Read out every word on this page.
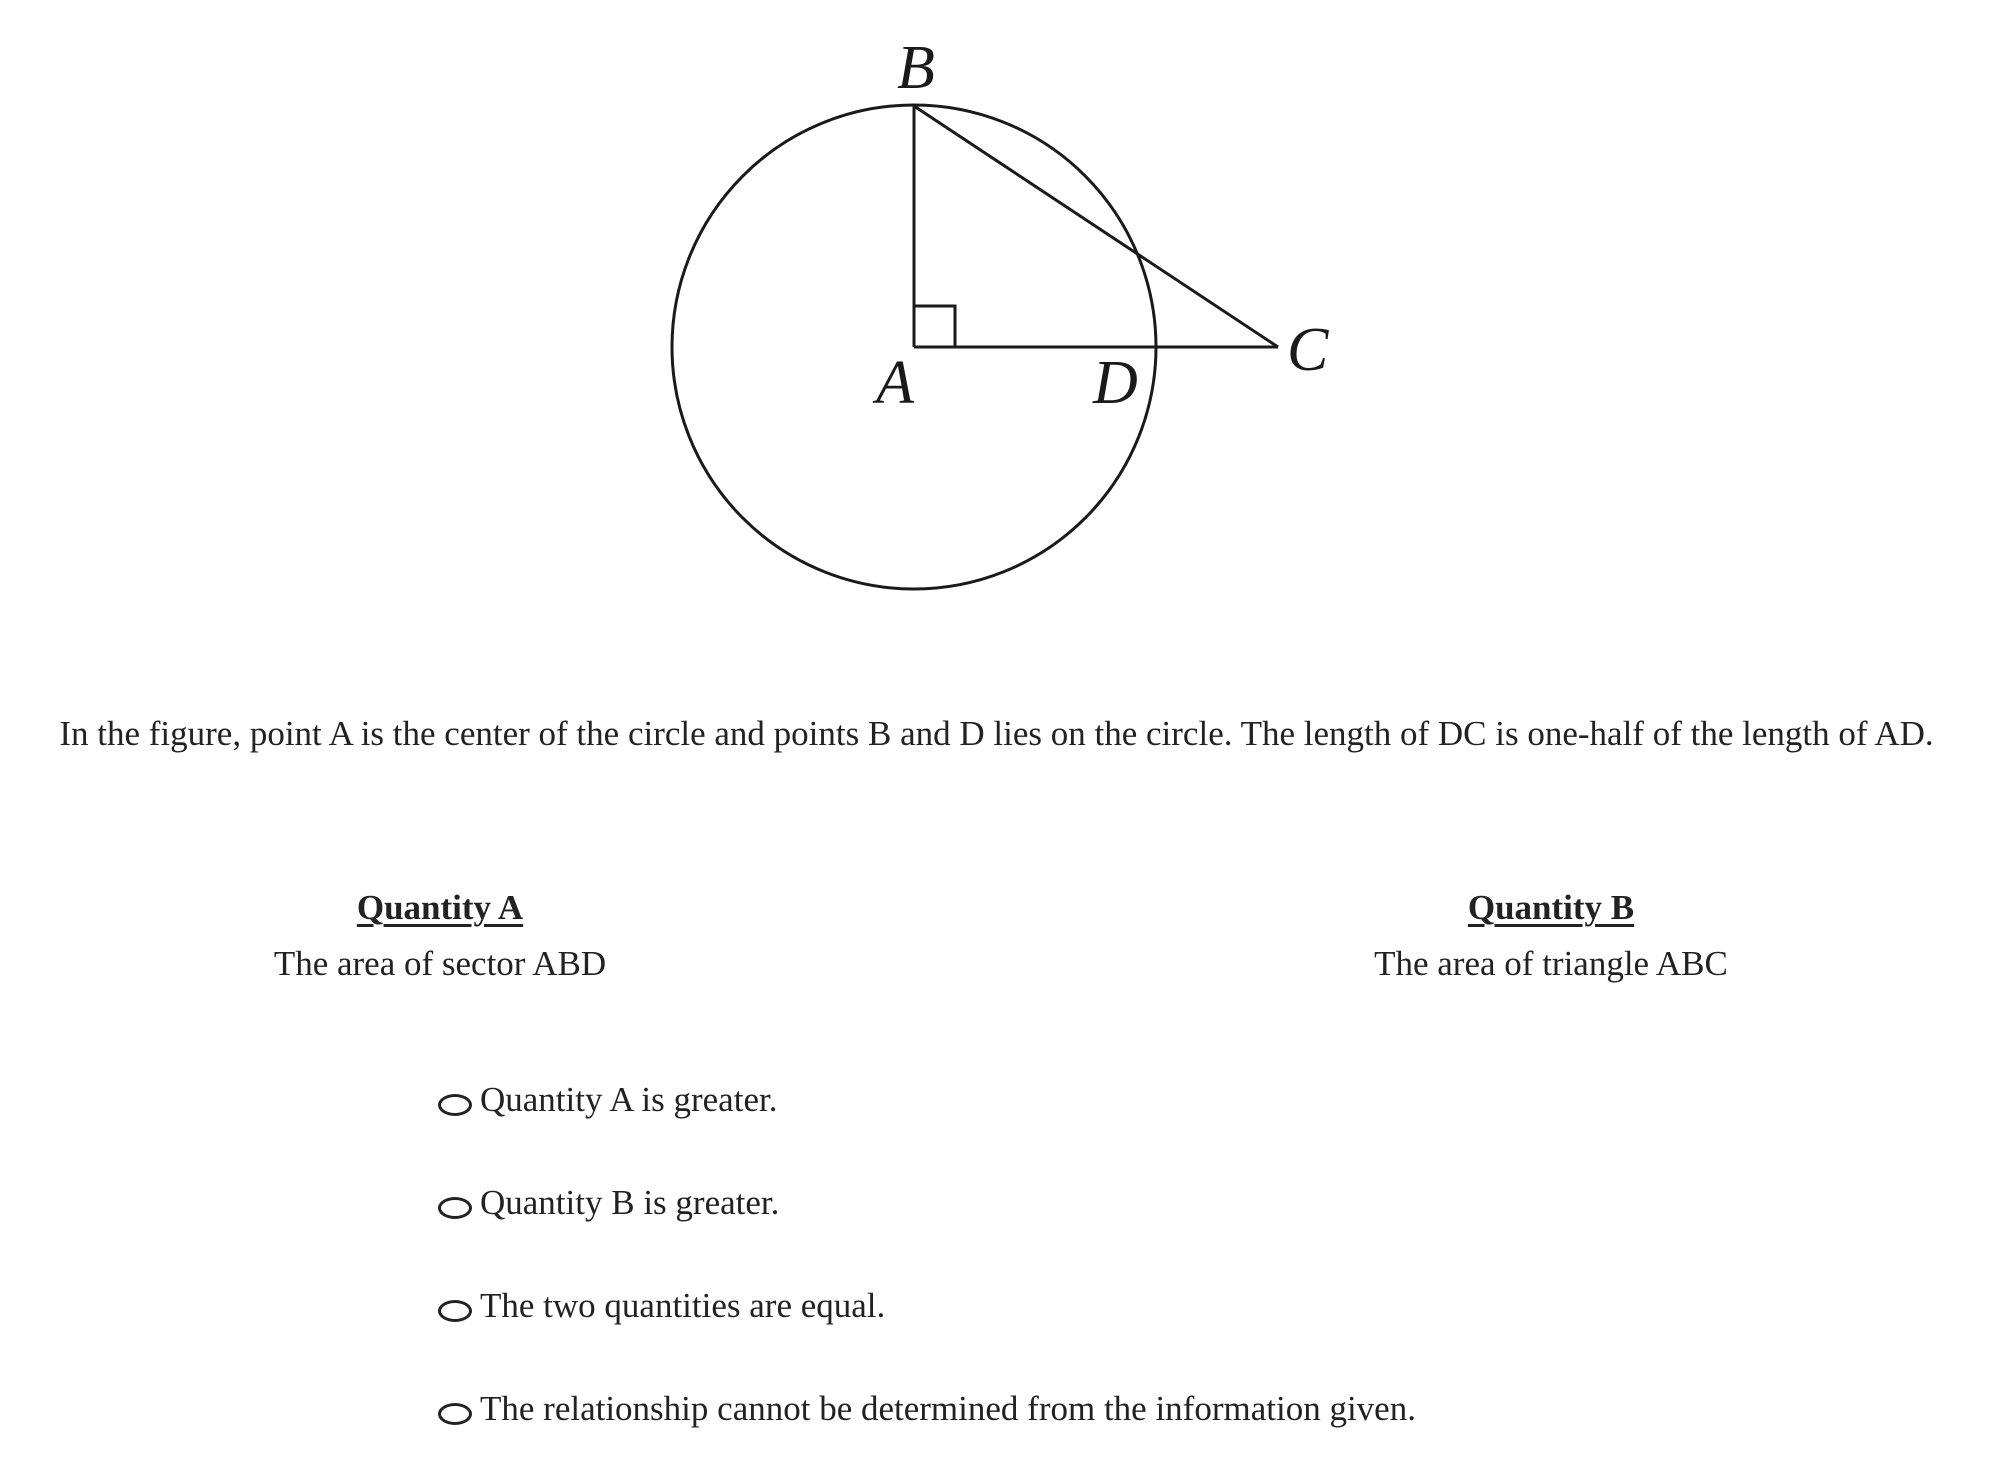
B
A	D C
In the figure, point A is the center of the circle and points B and D lies on the circle. The length of DC is one-half of the length of AD.
Quantity A
The area of sector ABD
Quantity B
The area of triangle ABC
Quantity A is greater.
Quantity B is greater.
The two quantities are equal.
The relationship cannot be determined from the information given.
